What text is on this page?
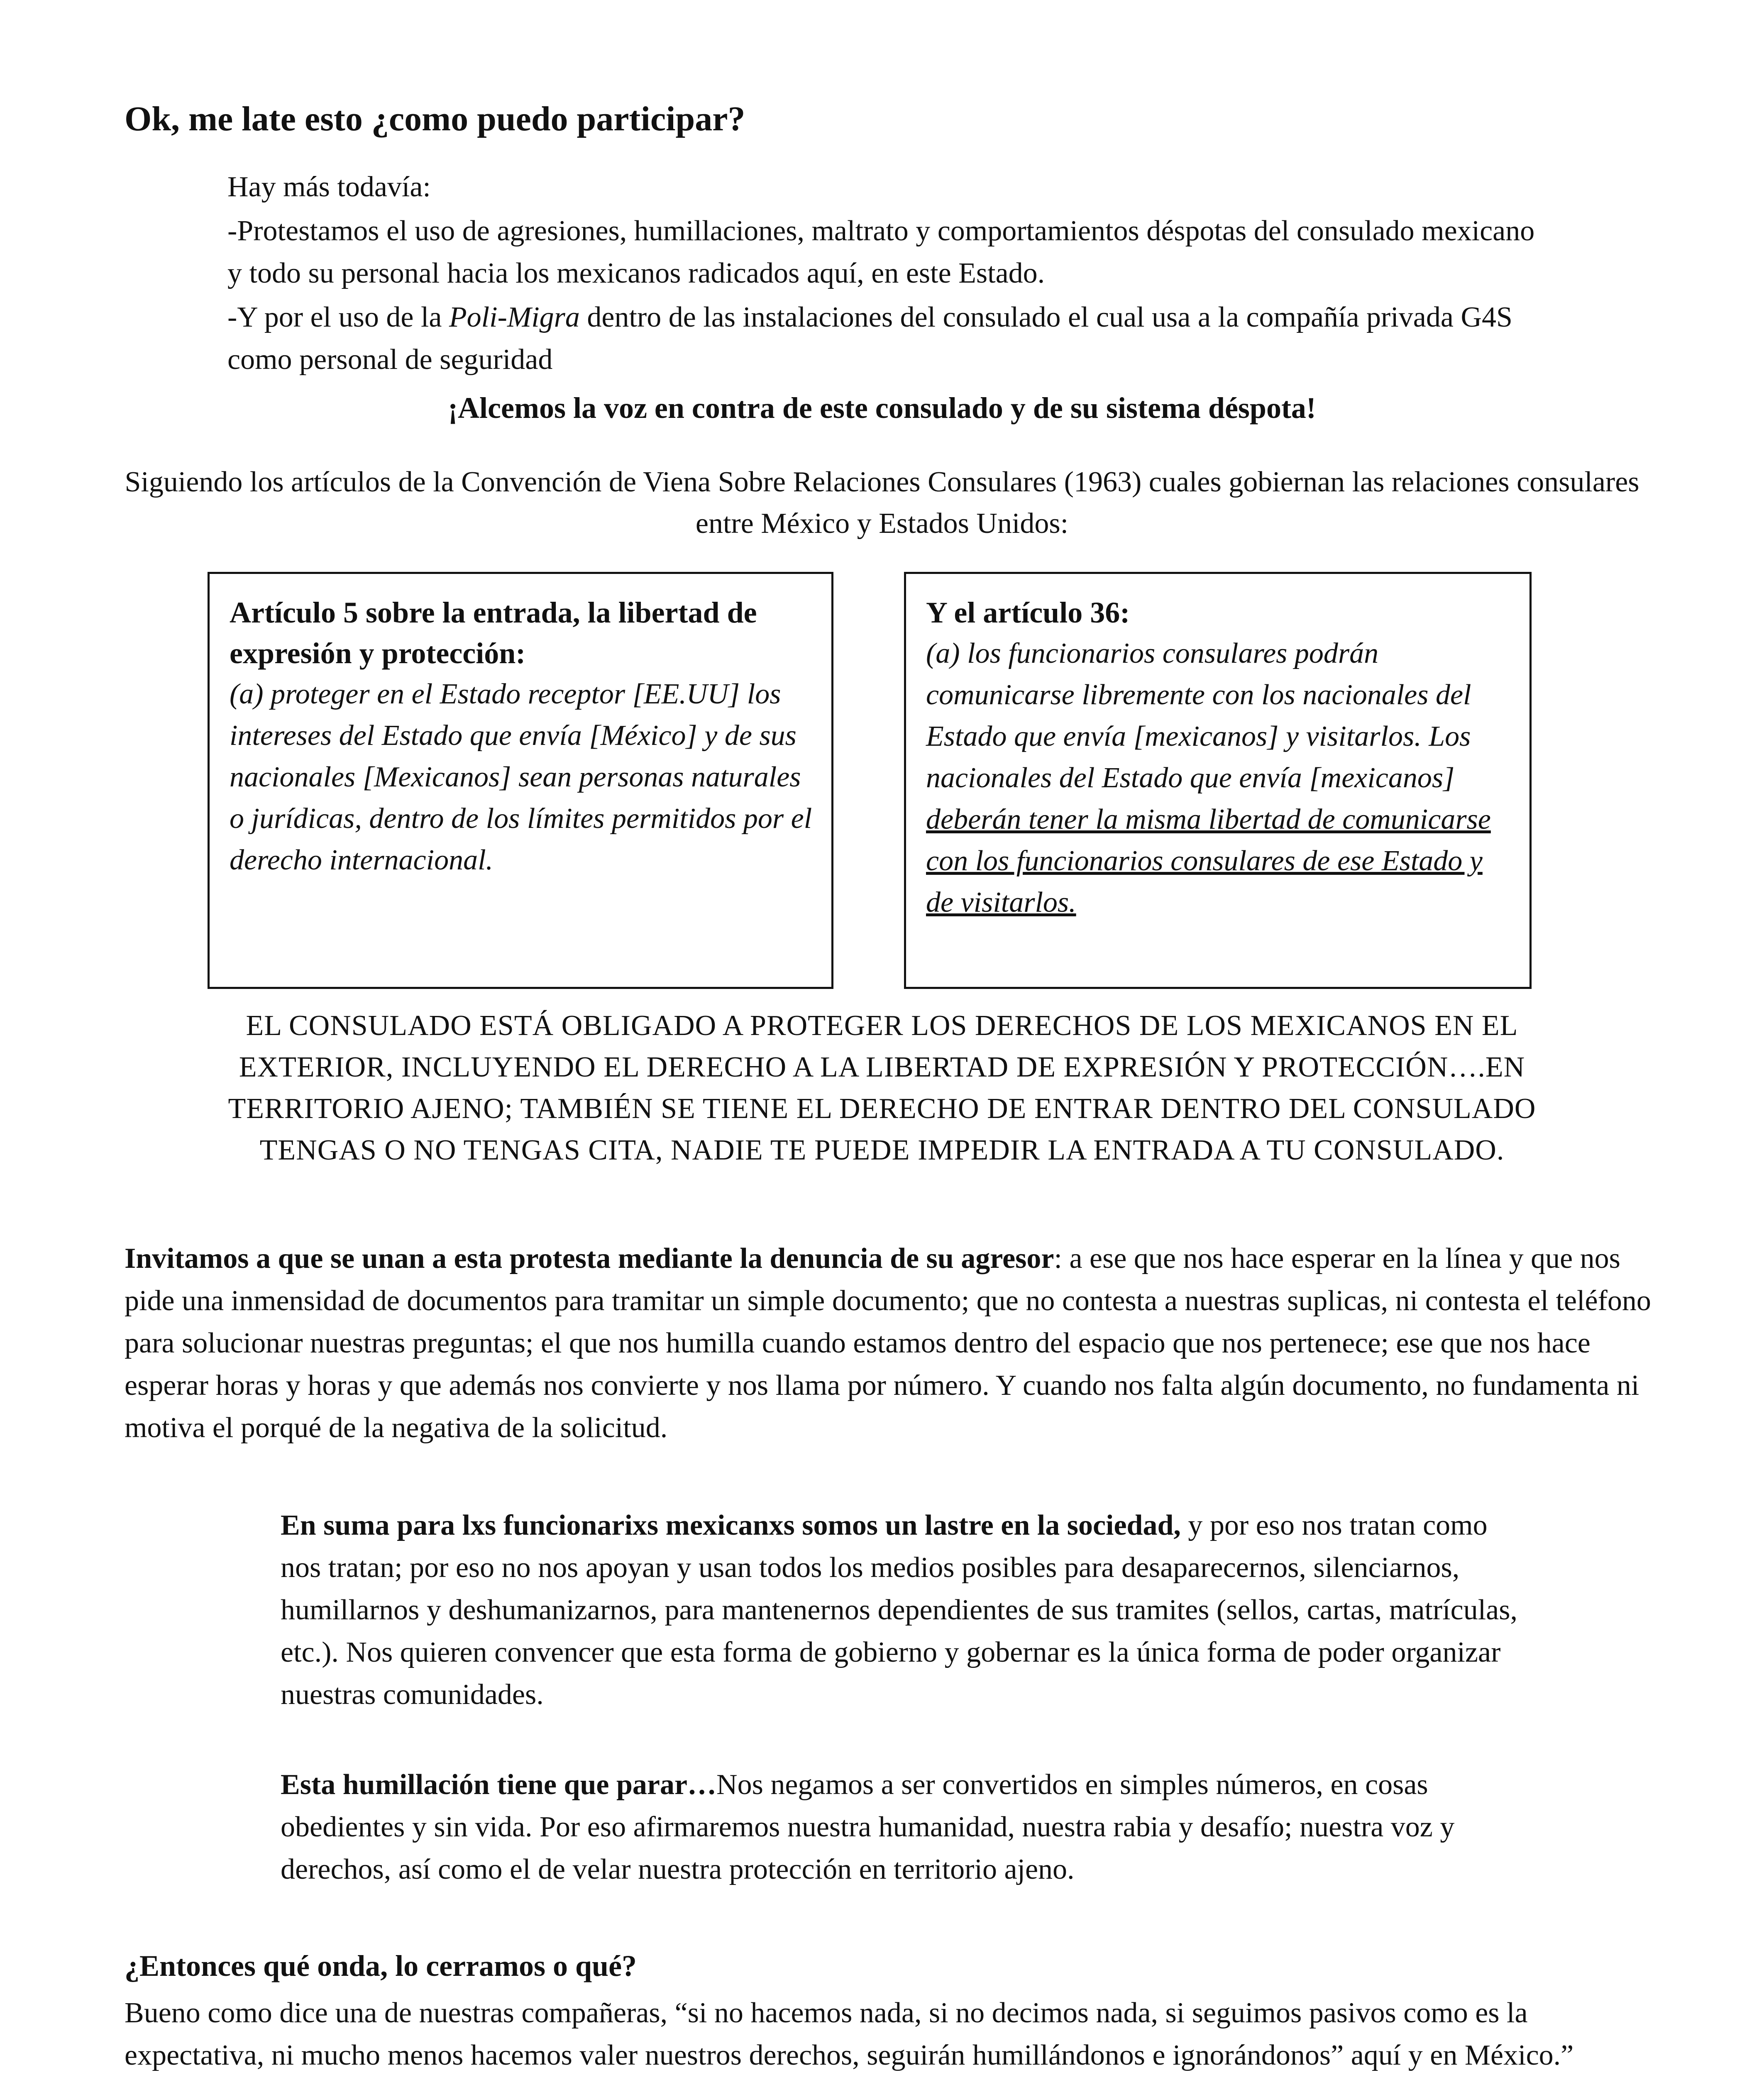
Ok, me late esto ¿como puedo participar?

Hay más todavía:

-Protestamos el uso de agresiones, humillaciones, maltrato y comportamientos déspotas del consulado mexicano y todo su personal hacia los mexicanos radicados aquí, en este Estado.

-Y por el uso de la Poli-Migra dentro de las instalaciones del consulado el cual usa a la compañía privada G4S como personal de seguridad

¡Alcemos la voz en contra de este consulado y de su sistema déspota!
Siguiendo los artículos de la Convención de Viena Sobre Relaciones Consulares (1963) cuales gobiernan las relaciones consulares entre México y Estados Unidos:
Artículo 5 sobre la entrada, la libertad de expresión y protección:
(a) proteger en el Estado receptor [EE.UU] los intereses del Estado que envía [México] y de sus nacionales [Mexicanos] sean personas naturales o jurídicas, dentro de los límites permitidos por el derecho internacional.
Y el artículo 36:
(a) los funcionarios consulares podrán comunicarse libremente con los nacionales del Estado que envía [mexicanos] y visitarlos. Los nacionales del Estado que envía [mexicanos] deberán tener la misma libertad de comunicarse con los funcionarios consulares de ese Estado y de visitarlos.
EL CONSULADO ESTÁ OBLIGADO A PROTEGER LOS DERECHOS DE LOS MEXICANOS EN EL EXTERIOR, INCLUYENDO EL DERECHO A LA LIBERTAD DE EXPRESIÓN Y PROTECCIÓN….EN TERRITORIO AJENO; TAMBIÉN SE TIENE EL DERECHO DE ENTRAR DENTRO DEL CONSULADO TENGAS O NO TENGAS CITA, NADIE TE PUEDE IMPEDIR LA ENTRADA A TU CONSULADO.
Invitamos a que se unan a esta protesta mediante la denuncia de su agresor: a ese que nos hace esperar en la línea y que nos pide una inmensidad de documentos para tramitar un simple documento; que no contesta a nuestras suplicas, ni contesta el teléfono para solucionar nuestras preguntas; el que nos humilla cuando estamos dentro del espacio que nos pertenece; ese que nos hace esperar horas y horas y que además nos convierte y nos llama por número. Y cuando nos falta algún documento, no fundamenta ni motiva el porqué de la negativa de la solicitud.
En suma para lxs funcionarixs mexicanxs somos un lastre en la sociedad, y por eso nos tratan como nos tratan; por eso no nos apoyan y usan todos los medios posibles para desaparecernos, silenciarnos, humillarnos y deshumanizarnos, para mantenernos dependientes de sus tramites (sellos, cartas, matrículas, etc.). Nos quieren convencer que esta forma de gobierno y gobernar es la única forma de poder organizar nuestras comunidades.
Esta humillación tiene que parar…Nos negamos a ser convertidos en simples números, en cosas obedientes y sin vida. Por eso afirmaremos nuestra humanidad, nuestra rabia y desafío; nuestra voz y derechos, así como el de velar nuestra protección en territorio ajeno.
¿Entonces qué onda, lo cerramos o qué?
Bueno como dice una de nuestras compañeras, “si no hacemos nada, si no decimos nada, si seguimos pasivos como es la expectativa, ni mucho menos hacemos valer nuestros derechos, seguirán humillándonos e ignorándonos” aquí y en México.”
